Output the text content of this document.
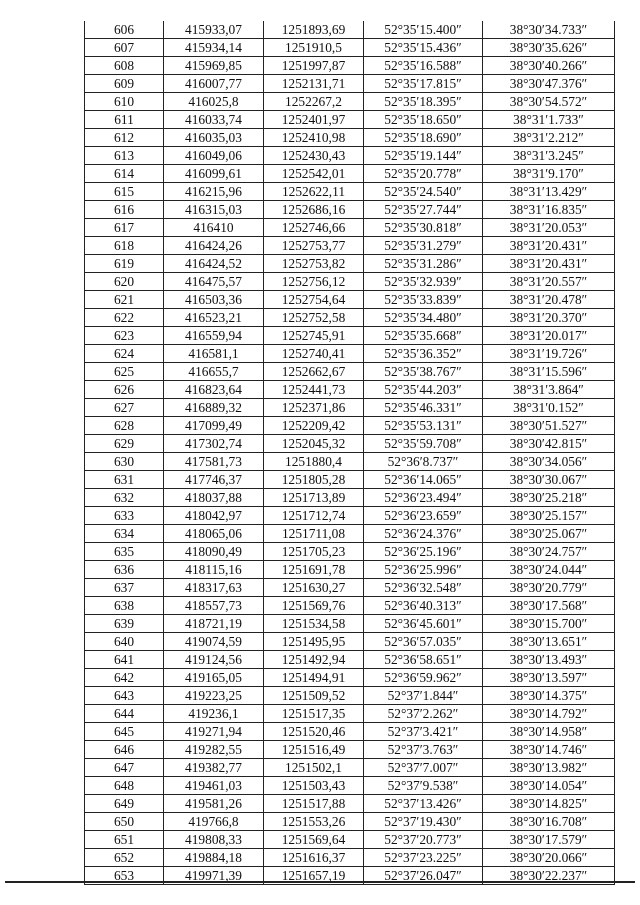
606	415933,07	1251893,69	52°35′15.400″	38°30′34.733″
607	415934,14	1251910,5	52°35′15.436″	38°30′35.626″
608	415969,85	1251997,87	52°35′16.588″	38°30′40.266″
609	416007,77	1252131,71	52°35′17.815″	38°30′47.376″
610	416025,8	1252267,2	52°35′18.395″	38°30′54.572″
611	416033,74	1252401,97	52°35′18.650″	38°31′1.733″
612	416035,03	1252410,98	52°35′18.690″	38°31′2.212″
613	416049,06	1252430,43	52°35′19.144″	38°31′3.245″
614	416099,61	1252542,01	52°35′20.778″	38°31′9.170″
615	416215,96	1252622,11	52°35′24.540″	38°31′13.429″
616	416315,03	1252686,16	52°35′27.744″	38°31′16.835″
617	416410	1252746,66	52°35′30.818″	38°31′20.053″
618	416424,26	1252753,77	52°35′31.279″	38°31′20.431″
619	416424,52	1252753,82	52°35′31.286″	38°31′20.431″
620	416475,57	1252756,12	52°35′32.939″	38°31′20.557″
621	416503,36	1252754,64	52°35′33.839″	38°31′20.478″
622	416523,21	1252752,58	52°35′34.480″	38°31′20.370″
623	416559,94	1252745,91	52°35′35.668″	38°31′20.017″
624	416581,1	1252740,41	52°35′36.352″	38°31′19.726″
625	416655,7	1252662,67	52°35′38.767″	38°31′15.596″
626	416823,64	1252441,73	52°35′44.203″	38°31′3.864″
627	416889,32	1252371,86	52°35′46.331″	38°31′0.152″
628	417099,49	1252209,42	52°35′53.131″	38°30′51.527″
629	417302,74	1252045,32	52°35′59.708″	38°30′42.815″
630	417581,73	1251880,4	52°36′8.737″	38°30′34.056″
631	417746,37	1251805,28	52°36′14.065″	38°30′30.067″
632	418037,88	1251713,89	52°36′23.494″	38°30′25.218″
633	418042,97	1251712,74	52°36′23.659″	38°30′25.157″
634	418065,06	1251711,08	52°36′24.376″	38°30′25.067″
635	418090,49	1251705,23	52°36′25.196″	38°30′24.757″
636	418115,16	1251691,78	52°36′25.996″	38°30′24.044″
637	418317,63	1251630,27	52°36′32.548″	38°30′20.779″
638	418557,73	1251569,76	52°36′40.313″	38°30′17.568″
639	418721,19	1251534,58	52°36′45.601″	38°30′15.700″
640	419074,59	1251495,95	52°36′57.035″	38°30′13.651″
641	419124,56	1251492,94	52°36′58.651″	38°30′13.493″
642	419165,05	1251494,91	52°36′59.962″	38°30′13.597″
643	419223,25	1251509,52	52°37′1.844″	38°30′14.375″
644	419236,1	1251517,35	52°37′2.262″	38°30′14.792″
645	419271,94	1251520,46	52°37′3.421″	38°30′14.958″
646	419282,55	1251516,49	52°37′3.763″	38°30′14.746″
647	419382,77	1251502,1	52°37′7.007″	38°30′13.982″
648	419461,03	1251503,43	52°37′9.538″	38°30′14.054″
649	419581,26	1251517,88	52°37′13.426″	38°30′14.825″
650	419766,8	1251553,26	52°37′19.430″	38°30′16.708″
651	419808,33	1251569,64	52°37′20.773″	38°30′17.579″
652	419884,18	1251616,37	52°37′23.225″	38°30′20.066″
653	419971,39	1251657,19	52°37′26.047″	38°30′22.237″
